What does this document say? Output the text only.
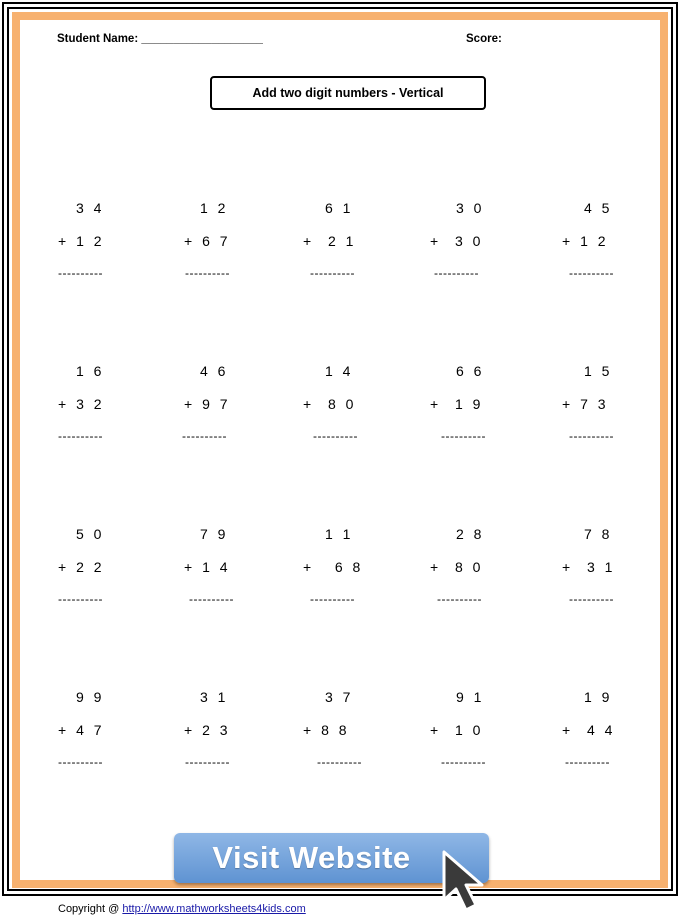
Student Name: ___________________	Score:
Add two digit numbers - Vertical
3 4
+ 1 2
----------
1 2
+ 6 7
----------
6 1
+  2 1
----------
3 0
+  3 0
----------
4 5
+ 1 2
----------
1 6
+ 3 2
----------
4 6
+ 9 7
----------
1 4
+  8 0
----------
6 6
+  1 9
----------
1 5
+ 7 3
----------
5 0
+ 2 2
----------
7 9
+ 1 4
----------
1 1
+   6 8
----------
2 8
+  8 0
----------
7 8
+  3 1
----------
9 9
+ 4 7
----------
3 1
+ 2 3
----------
3 7
+ 8 8
----------
9 1
+  1 0
----------
1 9
+  4 4
----------
Visit Website
Copyright @ http://www.mathworksheets4kids.com
